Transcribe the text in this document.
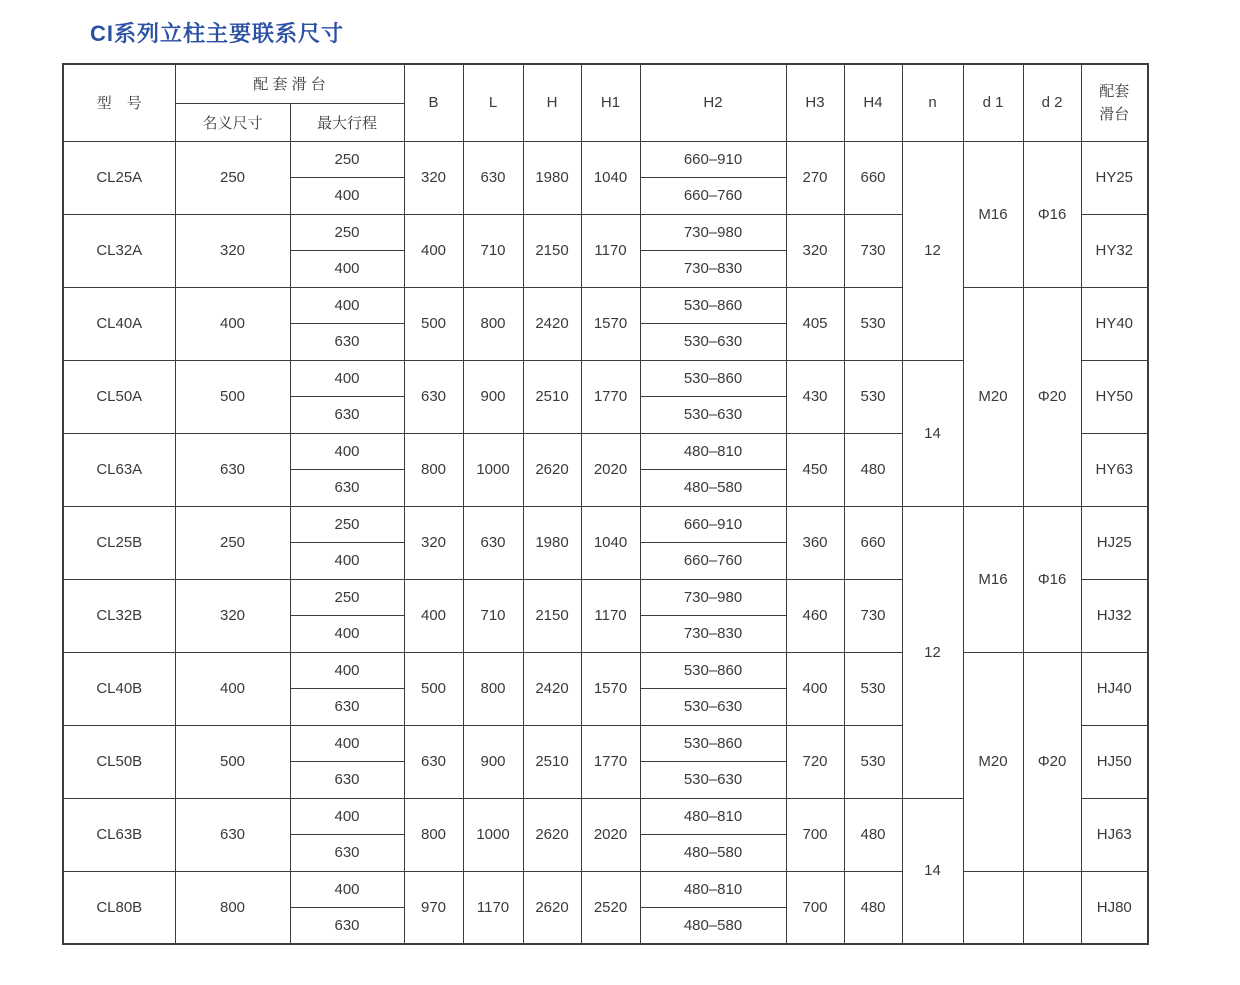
CI系列立柱主要联系尺寸
型　号	配 套 滑 台		B	L	H	H1	H2	H3	H4	n	d 1	d 2	配套
滑台

	名义尺寸	最大行程											
CL25A	250	250	320	630	1980	1040	660–910	270	660	12	M16	Φ16	HY25
		400					660–760						
CL32A	320	250	400	710	2150	1170	730–980	320	730				HY32
		400					730–830						
CL40A	400	400	500	800	2420	1570	530–860	405	530		M20	Φ20	HY40
		630					530–630						
CL50A	500	400	630	900	2510	1770	530–860	430	530	14			HY50
		630					530–630						
CL63A	630	400	800	1000	2620	2020	480–810	450	480				HY63
		630					480–580						
CL25B	250	250	320	630	1980	1040	660–910	360	660	12	M16	Φ16	HJ25
		400					660–760						
CL32B	320	250	400	710	2150	1170	730–980	460	730				HJ32
		400					730–830						
CL40B	400	400	500	800	2420	1570	530–860	400	530		M20	Φ20	HJ40
		630					530–630						
CL50B	500	400	630	900	2510	1770	530–860	720	530				HJ50
		630					530–630						
CL63B	630	400	800	1000	2620	2020	480–810	700	480	14			HJ63
		630					480–580						
CL80B	800	400	970	1170	2620	2520	480–810	700	480				HJ80
		630					480–580						
